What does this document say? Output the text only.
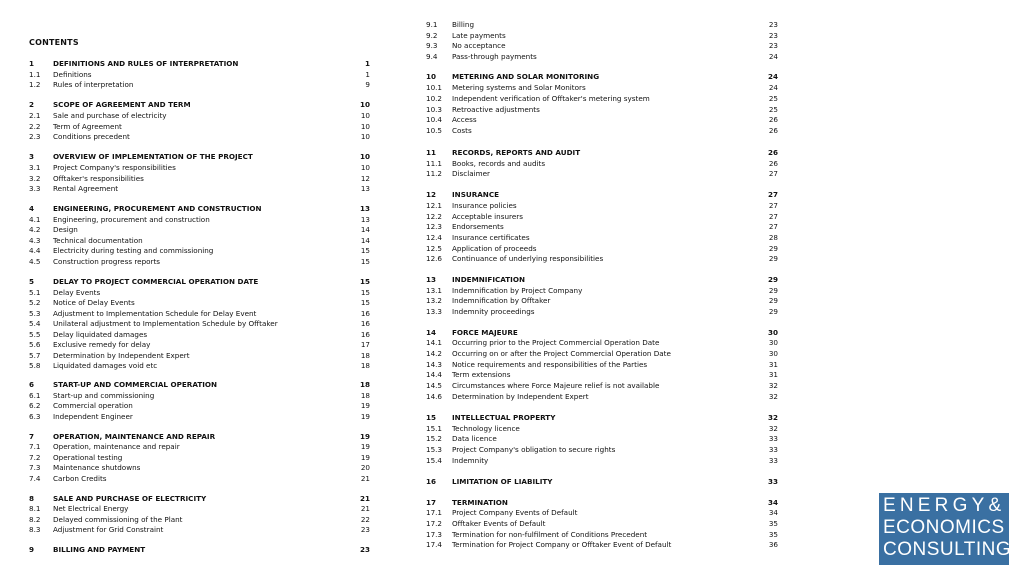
CONTENTS
1	DEFINITIONS AND RULES OF INTERPRETATION	1
1.1 Definitions	1
1.2 Rules of interpretation	9
2	SCOPE OF AGREEMENT AND TERM	10
2.1 Sale and purchase of electricity	10
2.2 Term of Agreement	10
2.3 Conditions precedent	10
3	OVERVIEW OF IMPLEMENTATION OF THE PROJECT	10
3.1 Project Company's responsibilities	10
3.2 Offtaker's responsibilities	12
3.3 Rental Agreement	13
4	ENGINEERING, PROCUREMENT AND CONSTRUCTION	13
4.1 Engineering, procurement and construction	13
4.2 Design	14
4.3 Technical documentation	14
4.4 Electricity during testing and commissioning	15
4.5 Construction progress reports	15
5	DELAY TO PROJECT COMMERCIAL OPERATION DATE	15
5.1 Delay Events	15
5.2 Notice of Delay Events	15
5.3 Adjustment to Implementation Schedule for Delay Event	16
5.4 Unilateral adjustment to Implementation Schedule by Offtaker	16
5.5 Delay liquidated damages	16
5.6 Exclusive remedy for delay	17
5.7 Determination by Independent Expert	18
5.8 Liquidated damages void etc	18
6	START-UP AND COMMERCIAL OPERATION	18
6.1 Start-up and commissioning	18
6.2 Commercial operation	19
6.3 Independent Engineer	19
7	OPERATION, MAINTENANCE AND REPAIR	19
7.1 Operation, maintenance and repair	19
7.2 Operational testing	19
7.3 Maintenance shutdowns	20
7.4 Carbon Credits	21
8	SALE AND PURCHASE OF ELECTRICITY	21
8.1 Net Electrical Energy	21
8.2 Delayed commissioning of the Plant	22
8.3 Adjustment for Grid Constraint	23
9	BILLING AND PAYMENT	23
9.1 Billing	23
9.2 Late payments	23
9.3 No acceptance	23
9.4 Pass-through payments	24
10 METERING AND SOLAR MONITORING	24
10.1 Metering systems and Solar Monitors	24
10.2 Independent verification of Offtaker's metering system	25
10.3 Retroactive adjustments	25
10.4 Access	26
10.5 Costs	26
11 RECORDS, REPORTS AND AUDIT	26
11.1 Books, records and audits	26
11.2 Disclaimer	27
12 INSURANCE	27
12.1 Insurance policies	27
12.2 Acceptable insurers	27
12.3 Endorsements	27
12.4 Insurance certificates	28
12.5 Application of proceeds	29
12.6 Continuance of underlying responsibilities	29
13 INDEMNIFICATION	29
13.1 Indemnification by Project Company	29
13.2 Indemnification by Offtaker	29
13.3 Indemnity proceedings	29
14 FORCE MAJEURE	30
14.1 Occurring prior to the Project Commercial Operation Date	30
14.2 Occurring on or after the Project Commercial Operation Date	30
14.3 Notice requirements and responsibilities of the Parties	31
14.4 Term extensions	31
14.5 Circumstances where Force Majeure relief is not available	32
14.6 Determination by Independent Expert	32
15 INTELLECTUAL PROPERTY	32
15.1 Technology licence	32
15.2 Data licence	33
15.3 Project Company's obligation to secure rights	33
15.4 Indemnity	33
16 LIMITATION OF LIABILITY	33
17 TERMINATION	34
17.1 Project Company Events of Default	34
17.2 Offtaker Events of Default	35
17.3 Termination for non-fulfilment of Conditions Precedent	35
17.4 Termination for Project Company or Offtaker Event of Default	36
ENERGY&
ECONOMICS
CONSULTING
